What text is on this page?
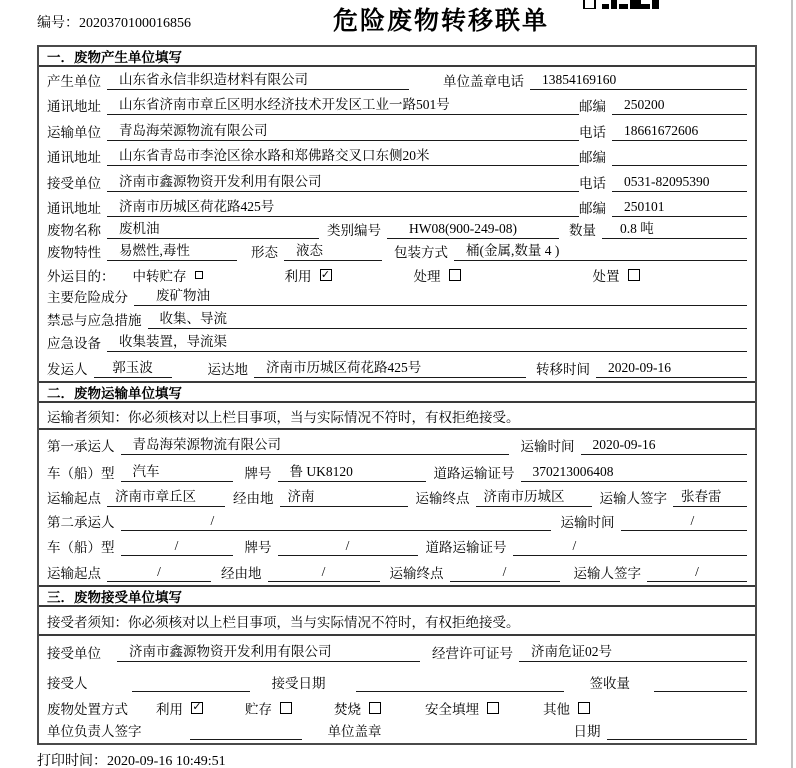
编号：2020370100016856	危险废物转移联单
一．废物产生单位填写
产生单位	山东省永信非织造材料有限公司	单位盖章 电话	13854169160
通讯地址	山东省济南市章丘区明水经济技术开发区工业一路501号	邮编	250200
运输单位	青岛海荣源物流有限公司	电话	18661672606
通讯地址	山东省青岛市李沧区徐水路和郑佛路交叉口东侧20米	邮编
接受单位	济南市鑫源物资开发利用有限公司	电话	0531-82095390
通讯地址	济南市历城区荷花路425号	邮编	250101
废物名称	废机油	类别编号	HW08(900-249-08)	数量	0.8 吨
废物特性	易燃性,毒性	形态	液态	包装方式	桶(金属,数量 4 )
外运目的： 中转贮存	利用 ✓	处理	处置
主要危险成分	废矿物油
禁忌与应急措施	收集、导流
应急设备	收集装置，导流渠
发运人	郭玉波	运达地	济南市历城区荷花路425号	转移时间	2020-09-16
二．废物运输单位填写
运输者须知：你必须核对以上栏目事项，当与实际情况不符时，有权拒绝接受。
第一承运人	青岛海荣源物流有限公司	运输时间	2020-09-16
车（船）型	汽车	牌号	鲁 UK8120	道路运输证号	370213006408
运输起点	济南市章丘区	经由地	济南	运输终点	济南市历城区	运输人签字	张春雷
第二承运人	/	运输时间	/
车（船）型	/	牌号	/	道路运输证号	/
运输起点	/	经由地	/	运输终点	/	运输人签字	/
三．废物接受单位填写
接受者须知：你必须核对以上栏目事项，当与实际情况不符时，有权拒绝接受。
接受单位	济南市鑫源物资开发利用有限公司	经营许可证号	济南危证02号
接受人	接受日期	签收量
废物处置方式 利用 ✓	贮存	焚烧	安全填埋	其他
单位负责人签字	单位盖章	日期
打印时间：2020-09-16 10:49:51
